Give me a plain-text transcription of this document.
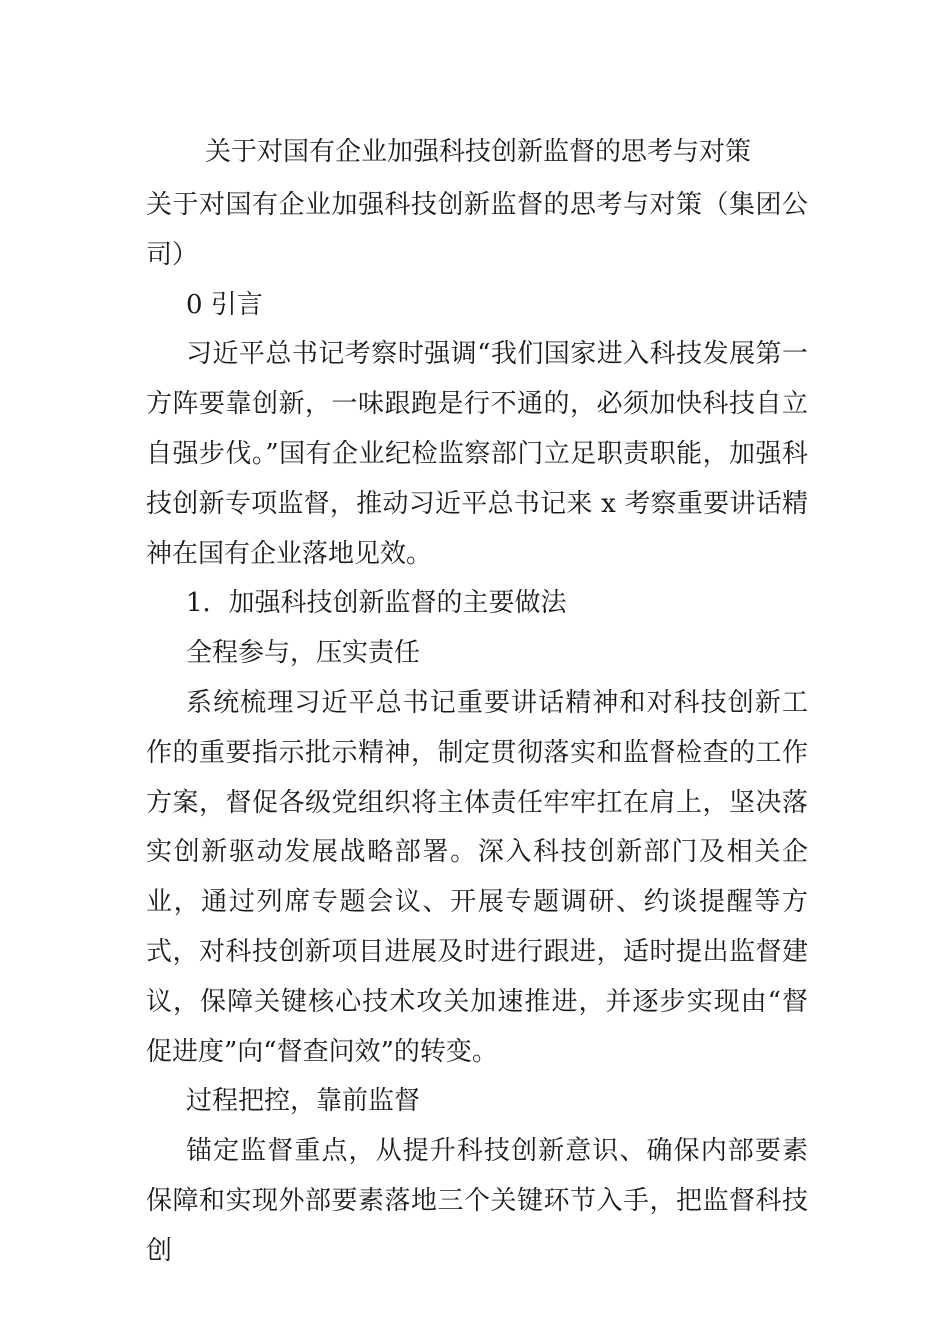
关于对国有企业加强科技创新监督的思考与对策

关于对国有企业加强科技创新监督的思考与对策（集团公司）

0 引言

习近平总书记考察时强调“我们国家进入科技发展第一方阵要靠创新，一味跟跑是行不通的，必须加快科技自立自强步伐。”国有企业纪检监察部门立足职责职能，加强科技创新专项监督，推动习近平总书记来 x 考察重要讲话精神在国有企业落地见效。

1．加强科技创新监督的主要做法

全程参与，压实责任

系统梳理习近平总书记重要讲话精神和对科技创新工作的重要指示批示精神，制定贯彻落实和监督检查的工作方案，督促各级党组织将主体责任牢牢扛在肩上，坚决落实创新驱动发展战略部署。深入科技创新部门及相关企业，通过列席专题会议、开展专题调研、约谈提醒等方式，对科技创新项目进展及时进行跟进，适时提出监督建议，保障关键核心技术攻关加速推进，并逐步实现由“督促进度”向“督查问效”的转变。

过程把控，靠前监督

锚定监督重点，从提升科技创新意识、确保内部要素保障和实现外部要素落地三个关键环节入手，把监督科技创
